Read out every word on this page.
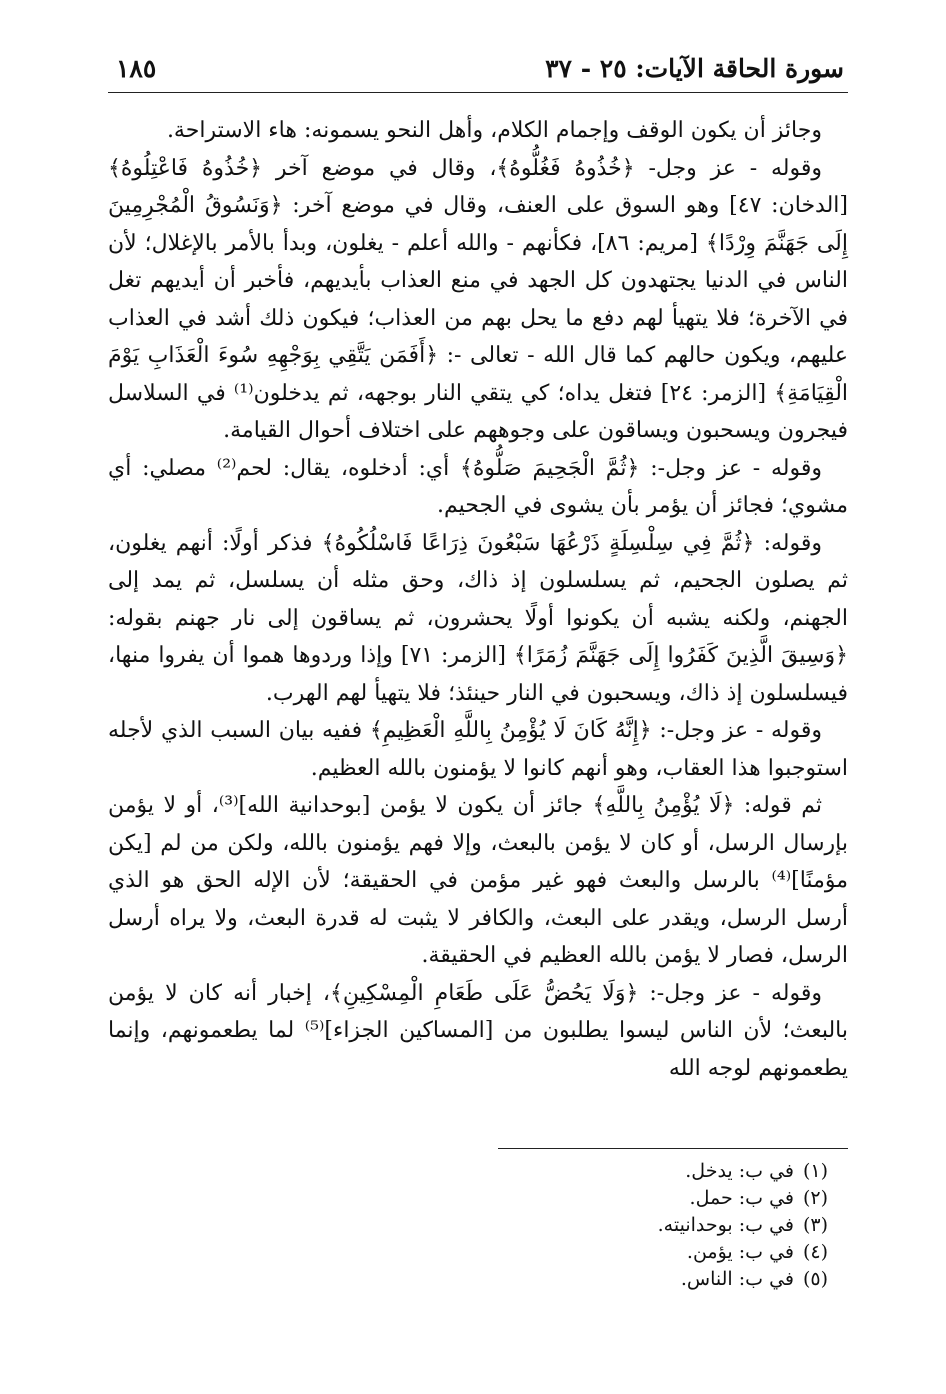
سورة الحاقة الآيات: ٢٥ - ٣٧
١٨٥

وجائز أن يكون الوقف وإجمام الكلام، وأهل النحو يسمونه: هاء الاستراحة.

وقوله - عز وجل- ﴿خُذُوهُ فَغُلُّوهُ﴾، وقال في موضع آخر ﴿خُذُوهُ فَاعْتِلُوهُ﴾ [الدخان: ٤٧] وهو السوق على العنف، وقال في موضع آخر: ﴿وَنَسُوقُ الْمُجْرِمِينَ إِلَى جَهَنَّمَ وِرْدًا﴾ [مريم: ٨٦]، فكأنهم - والله أعلم - يغلون، وبدأ بالأمر بالإغلال؛ لأن الناس في الدنيا يجتهدون كل الجهد في منع العذاب بأيديهم، فأخبر أن أيديهم تغل في الآخرة؛ فلا يتهيأ لهم دفع ما يحل بهم من العذاب؛ فيكون ذلك أشد في العذاب عليهم، ويكون حالهم كما قال الله - تعالى -: ﴿أَفَمَن يَتَّقِي بِوَجْهِهِ سُوءَ الْعَذَابِ يَوْمَ الْقِيَامَةِ﴾ [الزمر: ٢٤] فتغل يداه؛ كي يتقي النار بوجهه، ثم يدخلون⁽¹⁾ في السلاسل فيجرون ويسحبون ويساقون على وجوههم على اختلاف أحوال القيامة.

وقوله - عز وجل-: ﴿ثُمَّ الْجَحِيمَ صَلُّوهُ﴾ أي: أدخلوه، يقال: لحم⁽²⁾ مصلي: أي مشوي؛ فجائز أن يؤمر بأن يشوى في الجحيم.

وقوله: ﴿ثُمَّ فِي سِلْسِلَةٍ ذَرْعُهَا سَبْعُونَ ذِرَاعًا فَاسْلُكُوهُ﴾ فذكر أولًا: أنهم يغلون، ثم يصلون الجحيم، ثم يسلسلون إذ ذاك، وحق مثله أن يسلسل، ثم يمد إلى الجهنم، ولكنه يشبه أن يكونوا أولًا يحشرون، ثم يساقون إلى نار جهنم بقوله: ﴿وَسِيقَ الَّذِينَ كَفَرُوا إِلَى جَهَنَّمَ زُمَرًا﴾ [الزمر: ٧١] وإذا وردوها هموا أن يفروا منها، فيسلسلون إذ ذاك، ويسحبون في النار حينئذ؛ فلا يتهيأ لهم الهرب.

وقوله - عز وجل-: ﴿إِنَّهُ كَانَ لَا يُؤْمِنُ بِاللَّهِ الْعَظِيمِ﴾ ففيه بيان السبب الذي لأجله استوجبوا هذا العقاب، وهو أنهم كانوا لا يؤمنون بالله العظيم.

ثم قوله: ﴿لَا يُؤْمِنُ بِاللَّهِ﴾ جائز أن يكون لا يؤمن [بوحدانية الله]⁽³⁾، أو لا يؤمن بإرسال الرسل، أو كان لا يؤمن بالبعث، وإلا فهم يؤمنون بالله، ولكن من لم [يكن مؤمنًا]⁽⁴⁾ بالرسل والبعث فهو غير مؤمن في الحقيقة؛ لأن الإله الحق هو الذي أرسل الرسل، ويقدر على البعث، والكافر لا يثبت له قدرة البعث، ولا يراه أرسل الرسل، فصار لا يؤمن بالله العظيم في الحقيقة.

وقوله - عز وجل-: ﴿وَلَا يَحُضُّ عَلَى طَعَامِ الْمِسْكِينِ﴾، إخبار أنه كان لا يؤمن بالبعث؛ لأن الناس ليسوا يطلبون من [المساكين الجزاء]⁽⁵⁾ لما يطعمونهم، وإنما يطعمونهم لوجه الله

(١)في ب: يدخل.
(٢)في ب: حمل.
(٣)في ب: بوحدانيته.
(٤)في ب: يؤمن.
(٥)في ب: الناس.
